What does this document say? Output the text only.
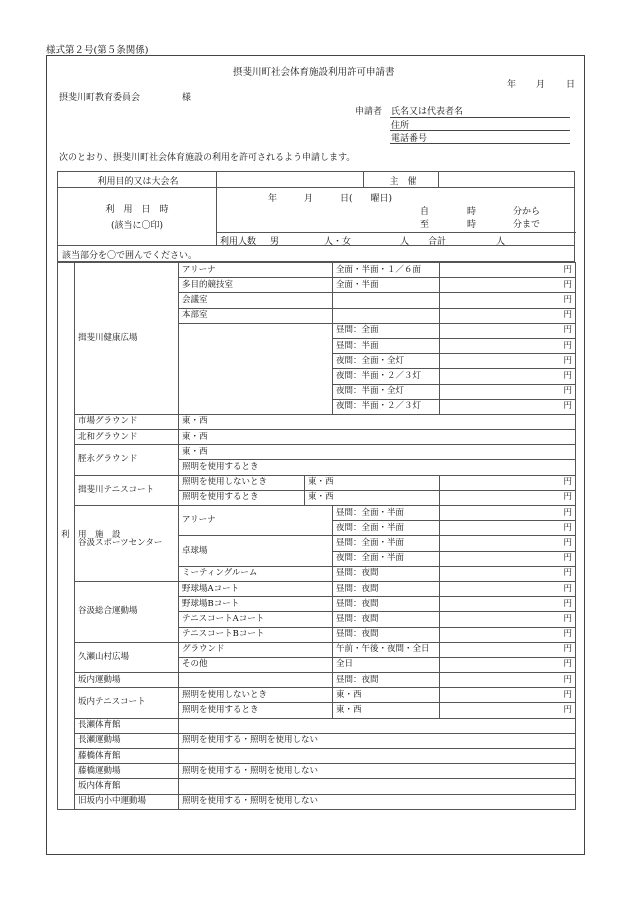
様式第２号(第５条関係)
摂斐川町社会体育施設利用許可申請書
年 月 日
摂斐川町教育委員会	様
申請者 氏名又は代表者名
住所
電話番号
次のとおり、摂斐川町社会体育施設の利用を許可されるよう申請します。
利用目的又は大会名	主　催
利　用　日　時
(該当に〇印)
年　　　月　　　日(　　曜日)
自	時	分から
至	時	分まで
利用人数 男	人・女	人 合計	人
該当部分を〇で囲んでください。
利　用　施　設	揖斐川健康広場	アリーナ		全面・半面・１／６面	円	
		多目的競技室		全面・半面	円	
		会議室			円	
		本部室			円	
				昼間：全面	円	
				昼間：半面	円	
				夜間：全面・全灯	円	
				夜間：半面・２／３灯	円	
				夜間：半面・全灯	円	
				夜間：半面・２／３灯	円	
	市場グラウンド	東・西	
	北和グラウンド	東・西	
	脛永グラウンド	東・西	
		照明を使用するとき	
	揖斐川テニスコート	照明を使用しないとき	東・西		円	
		照明を使用するとき	東・西		円	
	谷汲スポーツセンター	アリーナ		昼間：全面・半面	円	
				夜間：全面・半面	円	
		卓球場		昼間：全面・半面	円	
				夜間：全面・半面	円	
		ミーティングルーム		昼間：夜間	円	
	谷汲総合運動場	野球場Aコート		昼間：夜間	円	
		野球場Bコート		昼間：夜間	円	
		テニスコートAコート		昼間：夜間	円	
		テニスコートBコート		昼間：夜間	円	
	久瀬山村広場	グラウンド		午前・午後・夜間・全日	円	
		その他		全日	円	
	坂内運動場			昼間：夜間	円	
	坂内テニスコート	照明を使用しないとき		東・西	円	
		照明を使用するとき		東・西	円	
	長瀬体育館		
	長瀬運動場	照明を使用する・照明を使用しない	
	藤橋体育館		
	藤橋運動場	照明を使用する・照明を使用しない	
	坂内体育館		
	旧坂内小中運動場	照明を使用する・照明を使用しない	
